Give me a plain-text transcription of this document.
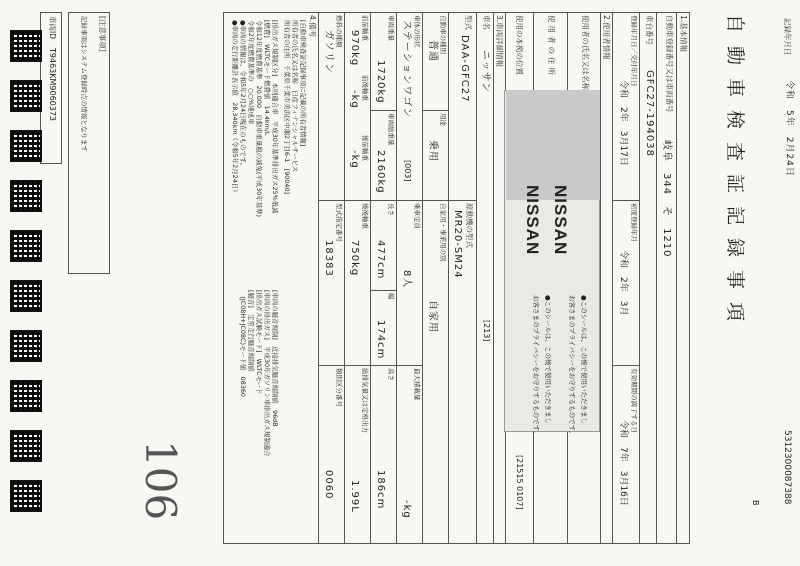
記録年月日
令和　5年　2月24日
5312300087388
B
自動車検査証記録事項
1.基本情報
自動車登録番号又は車両番号
岐阜　344　そ　1210
車台番号
GFC27-194038
登録年月日／交付年月日
令和　2年　3月17日
初度登録年月
令和　2年　3月
有効期間の満了する日
令和　7年　3月16日
2.使用者情報
使用者の氏名又は名称
使用者の住所
使用の本拠の位置
[21515 0107]
NISSAN
NISSAN
●このシールは、この後で使用いただきまし
お客さまのプライバシーをお守りするものです。
●このシールは、この後で使用いただきまし
お客さまのプライバシーをお守りするものです。
3.車両詳細情報
車名
ニッサン
[213]
型式
DAA-GFC27
原動機の型式
MR20-SM24
自動車の種別
普通
用途
乗用
自家用・事業用の別
自家用
車体の形状
ステーションワゴン
[003]
乗車定員
8人
最大積載量
-kg
車両重量
1720kg
車両総重量
2160kg
長さ
477cm
幅
174cm
高さ
186cm
前前軸重
970kg
前後軸重
-kg
後前軸重
-kg
後後軸重
750kg
総排気量又は定格出力
1.99L
燃料の種類
ガソリン
型式指定番号
18383
類別区分番号
0060
4.備考
[自動車検査証記録事項に記載の所有者情報]
所有者の氏名又は名称　日産フィナンシャルサービス
所有者の住所　千葉県千葉市美浜区中瀬2丁目6-1　[90040]
[排出ガス規制区分]　本則適合車　平成30年基準排出ガス25%低減
[燃費]　WLTCモード燃費値　14.4km/L
令和12年度燃費基準　20.000　自動車重量税の減免(平成30年基準)
令和2年度燃費基準の　○○%達成車
●車両の情報は、令和5年2月24日現在のものです。
●車両の走行距離計表示値　28,340km（令和5年2月24日）
[車両の騒音規制]　近接排気騒音規制値　96dB
[車両の排出ガス]　平成30年ガソリン車排出ガス規制適合
[排出ガス試験モード]　WLTCモード
[騒音]　定常走行騒音規制値
　(JC08H+JC08C)モード値　08360
106
[注意事項]
記録事項はシステム登録時点の情報となります
車両ID
T9463KM9060373
